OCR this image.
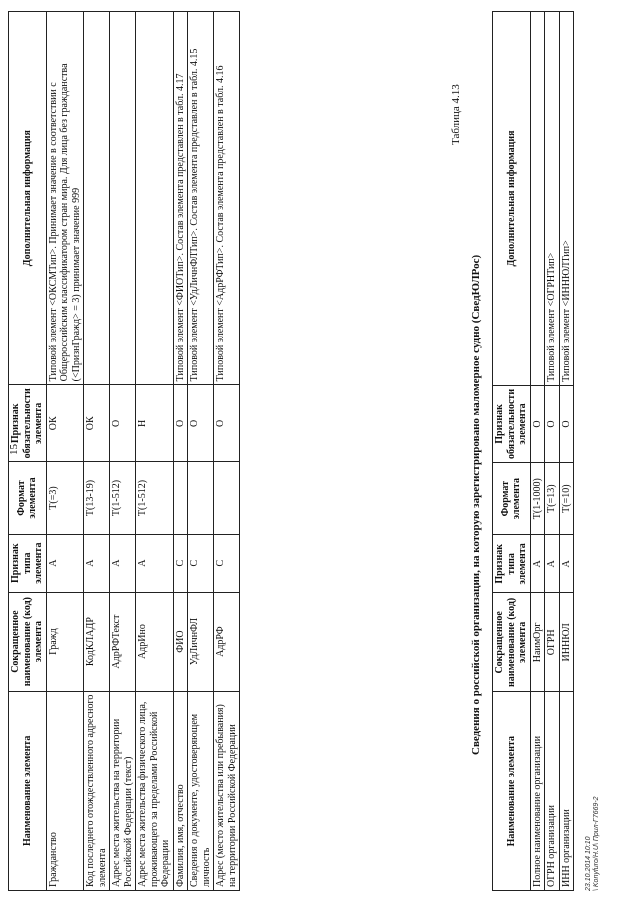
15
Наименование элемента	Сокращенное наименование (код) элемента	Признак типа элемента	Формат элемента	Признак обязательности элемента	Дополнительная информация
Гражданство	Гражд	А	T(=3)	ОК	Типовой элемент <ОКСМТип>. Принимает значение в соответствии с Общероссийским классификатором стран мира. Для лица без гражданства (<ПризнГражд> = 3) принимает значение 999
Код последнего отождествленного адресного элемента	КодКЛАДР	А	T(13-19)	ОК	
Адрес места жительства на территории Российской Федерации (текст)	АдрРФТекст	А	T(1-512)	О	
Адрес места жительства физического лица, проживающего за пределами Российской Федерации	АдрИно	А	T(1-512)	Н	
Фамилия, имя, отчество	ФИО	С		О	Типовой элемент <ФИОТип>. Состав элемента представлен в табл. 4.17
Сведения о документе, удостоверяющем личность	УдЛичнФЛ	С		О	Типовой элемент <УдЛичнФЛТип>. Состав элемента представлен в табл. 4.15
Адрес (место жительства или пребывания) на территории Российской Федерации	АдрРФ	С		О	Типовой элемент <АдрРФТип>. Состав элемента представлен в табл. 4.16	Таблица 4.13
Сведения о российской организации, на которую зарегистрировано маломерное судно (СведЮЛРос)
Наименование элемента	Сокращенное наименование (код) элемента	Признак типа элемента	Формат элемента	Признак обязательности элемента	Дополнительная информация
Полное наименование организации	НаимОрг	А	T(1-1000)	О	
ОГРН организации	ОГРН	А	T(=13)	О	Типовой элемент <ОГРНТип>
ИНН организации	ИННЮЛ	А	T(=10)	О	Типовой элемент <ИННЮЛТип>
23.10.2014 10:10 \ Konyfuro/H.U\ Прил-Г7669-2
